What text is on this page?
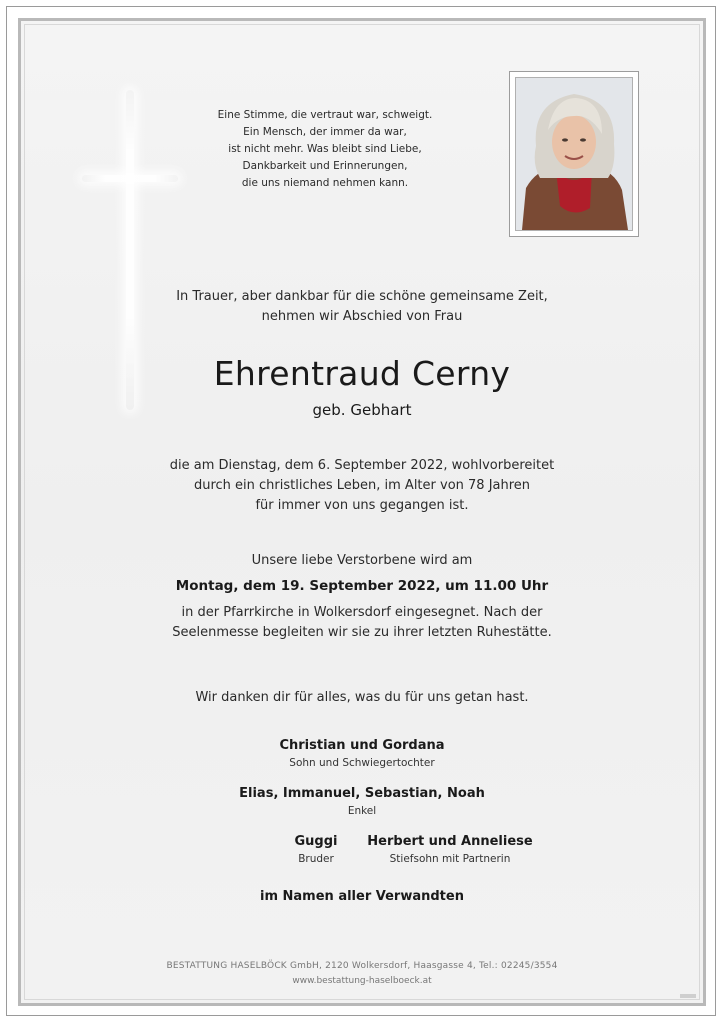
Eine Stimme, die vertraut war, schweigt.
Ein Mensch, der immer da war,
ist nicht mehr. Was bleibt sind Liebe,
Dankbarkeit und Erinnerungen,
die uns niemand nehmen kann.
In Trauer, aber dankbar für die schöne gemeinsame Zeit,
nehmen wir Abschied von Frau
Ehrentraud Cerny
geb. Gebhart
die am Dienstag, dem 6. September 2022, wohlvorbereitet
durch ein christliches Leben, im Alter von 78 Jahren
für immer von uns gegangen ist.
Unsere liebe Verstorbene wird am
Montag, dem 19. September 2022, um 11.00 Uhr
in der Pfarrkirche in Wolkersdorf eingesegnet. Nach der
Seelenmesse begleiten wir sie zu ihrer letzten Ruhestätte.
Wir danken dir für alles, was du für uns getan hast.
Christian und Gordana
Sohn und Schwiegertochter
Elias, Immanuel, Sebastian, Noah
Enkel
Guggi
Bruder
Herbert und Anneliese
Stiefsohn mit Partnerin
im Namen aller Verwandten
BESTATTUNG HASELBÖCK GmbH, 2120 Wolkersdorf, Haasgasse 4, Tel.: 02245/3554
www.bestattung-haselboeck.at
